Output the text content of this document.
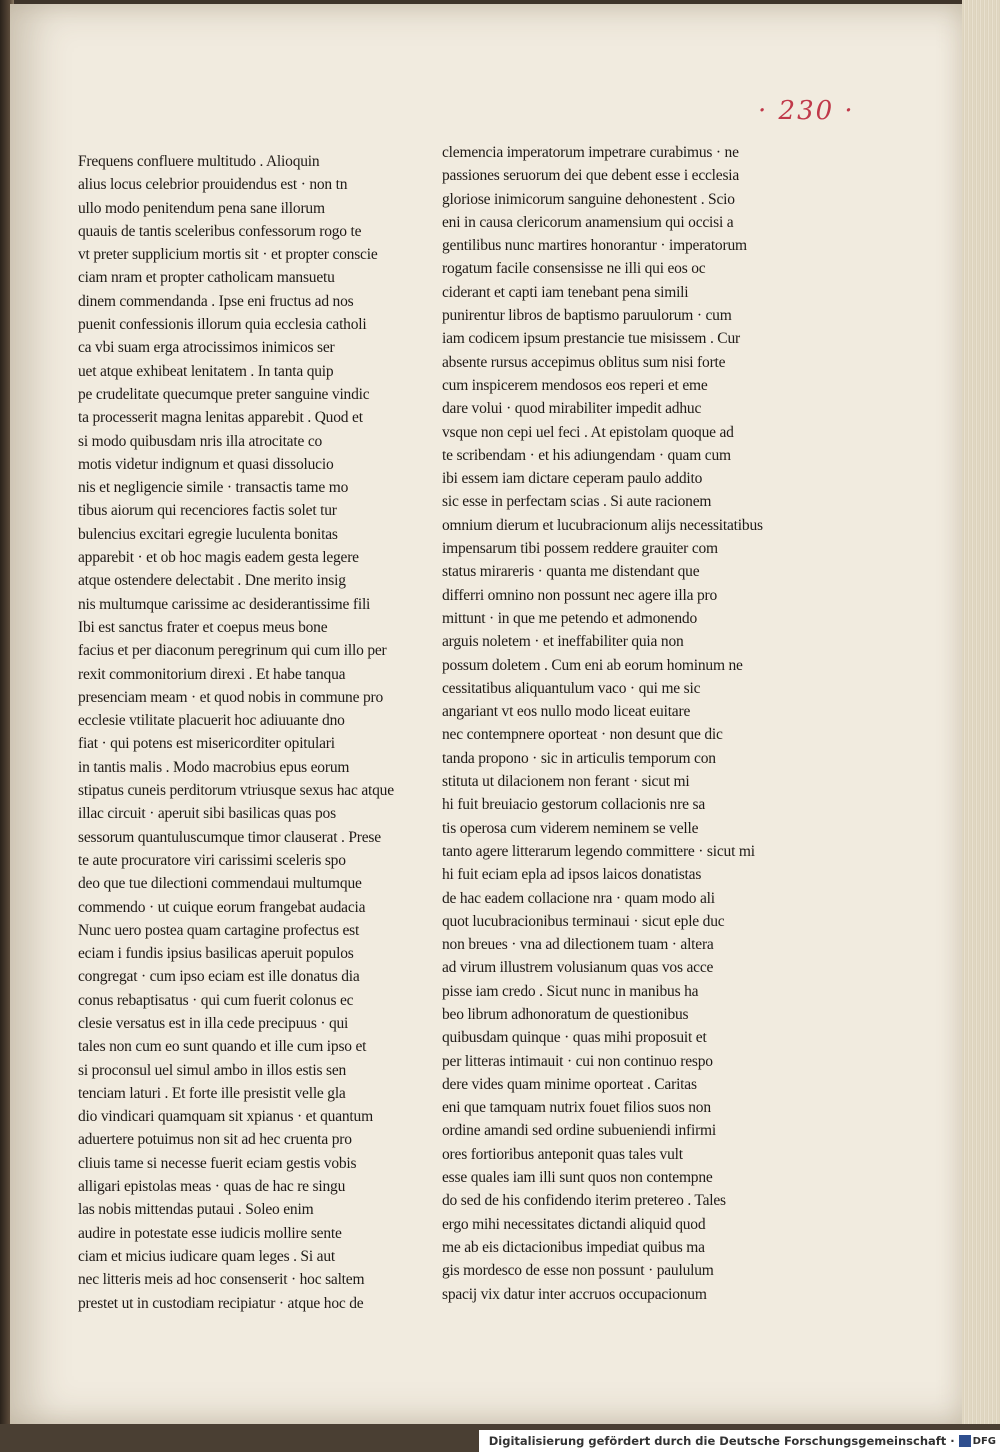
· 230 ·
Frequens confluere multitudo . Alioquin
alius locus celebrior prouidendus est · non tn
ullo modo penitendum pena sane illorum
quauis de tantis sceleribus confessorum rogo te
vt preter supplicium mortis sit · et propter conscie
ciam nram et propter catholicam mansuetu
dinem commendanda . Ipse eni fructus ad nos
puenit confessionis illorum quia ecclesia catholi
ca vbi suam erga atrocissimos inimicos ser
uet atque exhibeat lenitatem . In tanta quip
pe crudelitate quecumque preter sanguine vindic
ta processerit magna lenitas apparebit . Quod et
si modo quibusdam nris illa atrocitate co
motis videtur indignum et quasi dissolucio
nis et negligencie simile · transactis tame mo
tibus aiorum qui recenciores factis solet tur
bulencius excitari egregie luculenta bonitas
apparebit · et ob hoc magis eadem gesta legere
atque ostendere delectabit . Dne merito insig
nis multumque carissime ac desiderantissime fili
Ibi est sanctus frater et coepus meus bone
facius et per diaconum peregrinum qui cum illo per
rexit commonitorium direxi . Et habe tanqua
presenciam meam · et quod nobis in commune pro
ecclesie vtilitate placuerit hoc adiuuante dno
fiat · qui potens est misericorditer opitulari
in tantis malis . Modo macrobius epus eorum
stipatus cuneis perditorum vtriusque sexus hac atque
illac circuit · aperuit sibi basilicas quas pos
sessorum quantuluscumque timor clauserat . Prese
te aute procuratore viri carissimi sceleris spo
deo que tue dilectioni commendaui multumque
commendo · ut cuique eorum frangebat audacia
Nunc uero postea quam cartagine profectus est
eciam i fundis ipsius basilicas aperuit populos
congregat · cum ipso eciam est ille donatus dia
conus rebaptisatus · qui cum fuerit colonus ec
clesie versatus est in illa cede precipuus · qui
tales non cum eo sunt quando et ille cum ipso et
si proconsul uel simul ambo in illos estis sen
tenciam laturi . Et forte ille presistit velle gla
dio vindicari quamquam sit xpianus · et quantum
aduertere potuimus non sit ad hec cruenta pro
cliuis tame si necesse fuerit eciam gestis vobis
alligari epistolas meas · quas de hac re singu
las nobis mittendas putaui . Soleo enim
audire in potestate esse iudicis mollire sente
ciam et micius iudicare quam leges . Si aut
nec litteris meis ad hoc consenserit · hoc saltem
prestet ut in custodiam recipiatur · atque hoc de
clemencia imperatorum impetrare curabimus · ne
passiones seruorum dei que debent esse i ecclesia
gloriose inimicorum sanguine dehonestent . Scio
eni in causa clericorum anamensium qui occisi a
gentilibus nunc martires honorantur · imperatorum
rogatum facile consensisse ne illi qui eos oc
ciderant et capti iam tenebant pena simili
punirentur libros de baptismo paruulorum · cum
iam codicem ipsum prestancie tue misissem . Cur
absente rursus accepimus oblitus sum nisi forte
cum inspicerem mendosos eos reperi et eme
dare volui · quod mirabiliter impedit adhuc
vsque non cepi uel feci . At epistolam quoque ad
te scribendam · et his adiungendam · quam cum
ibi essem iam dictare ceperam paulo addito
sic esse in perfectam scias . Si aute racionem
omnium dierum et lucubracionum alijs necessitatibus
impensarum tibi possem reddere grauiter com
status mirareris · quanta me distendant que
differri omnino non possunt nec agere illa pro
mittunt · in que me petendo et admonendo
arguis noletem · et ineffabiliter quia non
possum doletem . Cum eni ab eorum hominum ne
cessitatibus aliquantulum vaco · qui me sic
angariant vt eos nullo modo liceat euitare
nec contempnere oporteat · non desunt que dic
tanda propono · sic in articulis temporum con
stituta ut dilacionem non ferant · sicut mi
hi fuit breuiacio gestorum collacionis nre sa
tis operosa cum viderem neminem se velle
tanto agere litterarum legendo committere · sicut mi
hi fuit eciam epla ad ipsos laicos donatistas
de hac eadem collacione nra · quam modo ali
quot lucubracionibus terminaui · sicut eple duc
non breues · vna ad dilectionem tuam · altera
ad virum illustrem volusianum quas vos acce
pisse iam credo . Sicut nunc in manibus ha
beo librum adhonoratum de questionibus
quibusdam quinque · quas mihi proposuit et
per litteras intimauit · cui non continuo respo
dere vides quam minime oporteat . Caritas
eni que tamquam nutrix fouet filios suos non
ordine amandi sed ordine subueniendi infirmi
ores fortioribus anteponit quas tales vult
esse quales iam illi sunt quos non contempne
do sed de his confidendo iterim pretereo . Tales
ergo mihi necessitates dictandi aliquid quod
me ab eis dictacionibus impediat quibus ma
gis mordesco de esse non possunt · paululum
spacij vix datur inter accruos occupacionum
Digitalisierung gefördert durch die Deutsche Forschungsgemeinschaft · DFG
